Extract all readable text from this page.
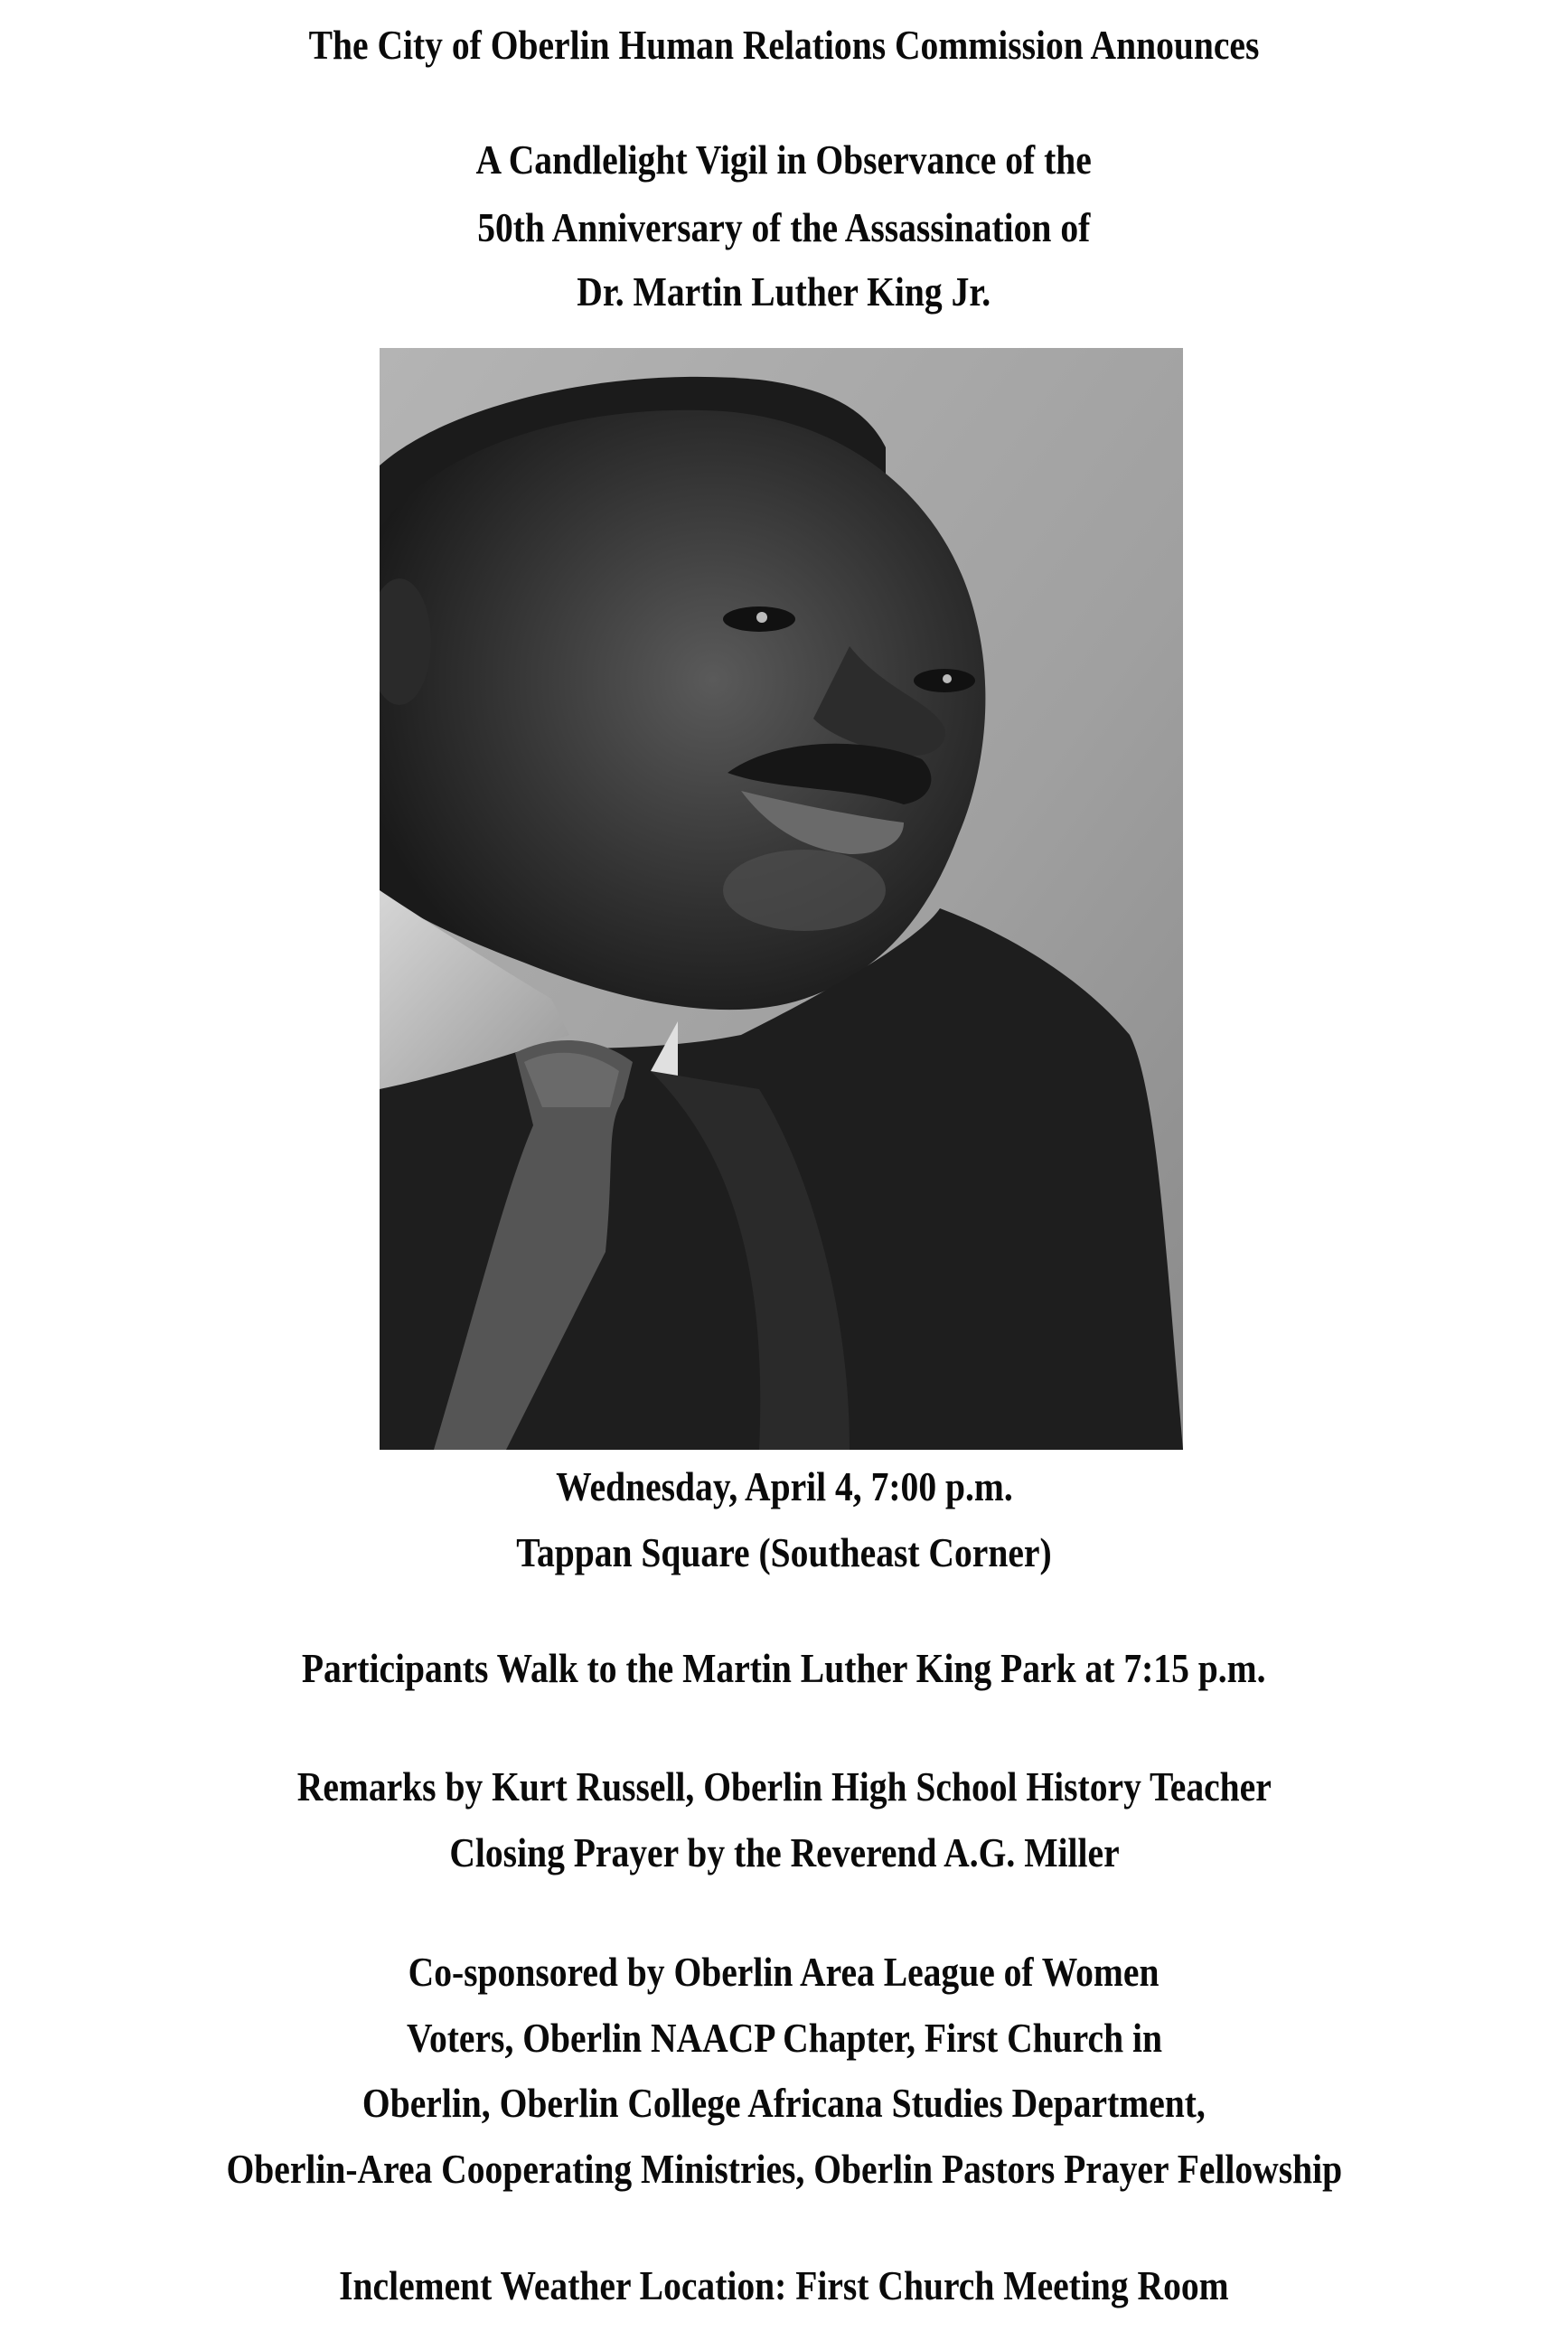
The City of Oberlin Human Relations Commission Announces
A Candlelight Vigil in Observance of the
50th Anniversary of the Assassination of
Dr. Martin Luther King Jr.
Wednesday, April 4, 7:00 p.m.
Tappan Square (Southeast Corner)
Participants Walk to the Martin Luther King Park at 7:15 p.m.
Remarks by Kurt Russell, Oberlin High School History Teacher
Closing Prayer by the Reverend A.G. Miller
Co-sponsored by Oberlin Area League of Women
Voters, Oberlin NAACP Chapter, First Church in
Oberlin, Oberlin College Africana Studies Department,
Oberlin-Area Cooperating Ministries, Oberlin Pastors Prayer Fellowship
Inclement Weather Location: First Church Meeting Room
